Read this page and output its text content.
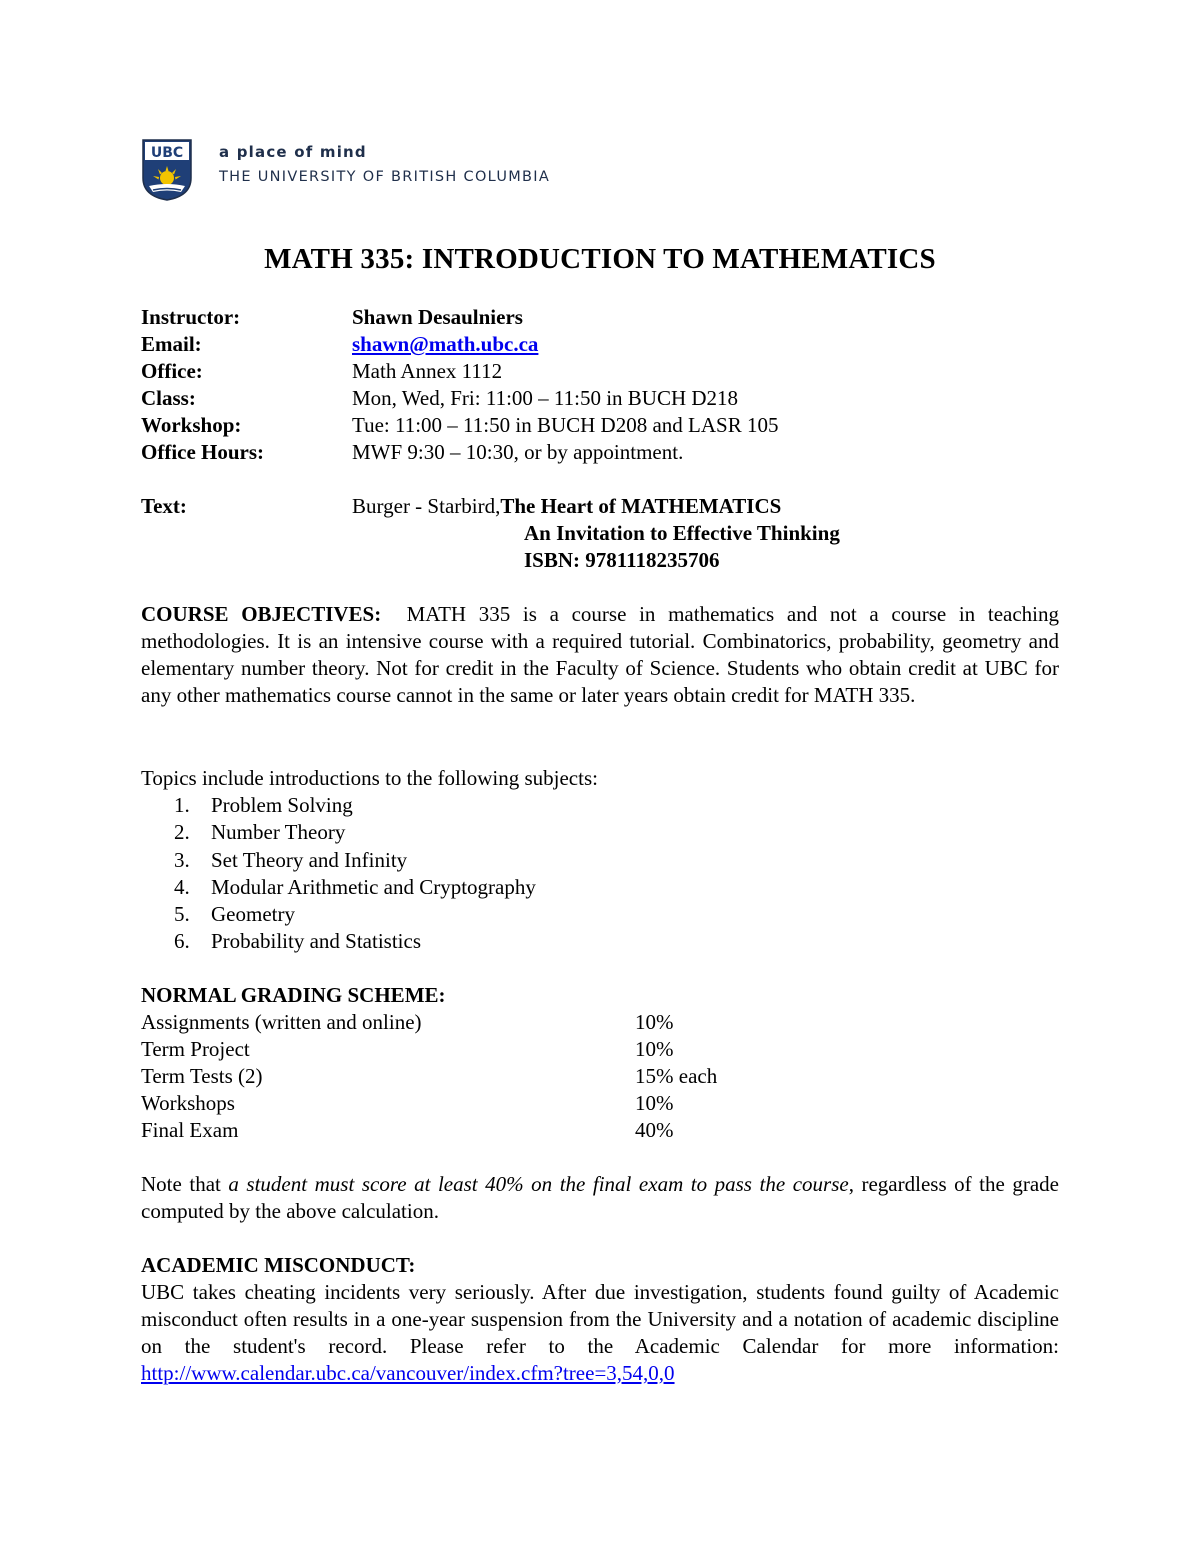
UBC a place of mind
THE UNIVERSITY OF BRITISH COLUMBIA
MATH 335: INTRODUCTION TO MATHEMATICS
Instructor:	Shawn Desaulniers
Email:	shawn@math.ubc.ca
Office:	Math Annex 1112
Class:	Mon, Wed, Fri: 11:00 – 11:50 in BUCH D218
Workshop:	Tue: 11:00 – 11:50 in BUCH D208 and LASR 105
Office Hours:	MWF 9:30 – 10:30, or by appointment.
Text:	Burger - Starbird,The Heart of MATHEMATICS
An Invitation to Effective Thinking
ISBN: 9781118235706
COURSE OBJECTIVES: MATH 335 is a course in mathematics and not a course in teaching methodologies. It is an intensive course with a required tutorial. Combinatorics, probability, geometry and elementary number theory. Not for credit in the Faculty of Science. Students who obtain credit at UBC for any other mathematics course cannot in the same or later years obtain credit for MATH 335.
Topics include introductions to the following subjects:
1.	Problem Solving
2.	Number Theory
3.	Set Theory and Infinity
4.	Modular Arithmetic and Cryptography
5.	Geometry
6.	Probability and Statistics
NORMAL GRADING SCHEME:
Assignments (written and online)	10%
Term Project	10%
Term Tests (2)	15% each
Workshops	10%
Final Exam	40%
Note that a student must score at least 40% on the final exam to pass the course, regardless of the grade computed by the above calculation.
ACADEMIC MISCONDUCT:
UBC takes cheating incidents very seriously. After due investigation, students found guilty of Academic misconduct often results in a one-year suspension from the University and a notation of academic discipline on the student's record. Please refer to the Academic Calendar for more information: http://www.calendar.ubc.ca/vancouver/index.cfm?tree=3,54,0,0
